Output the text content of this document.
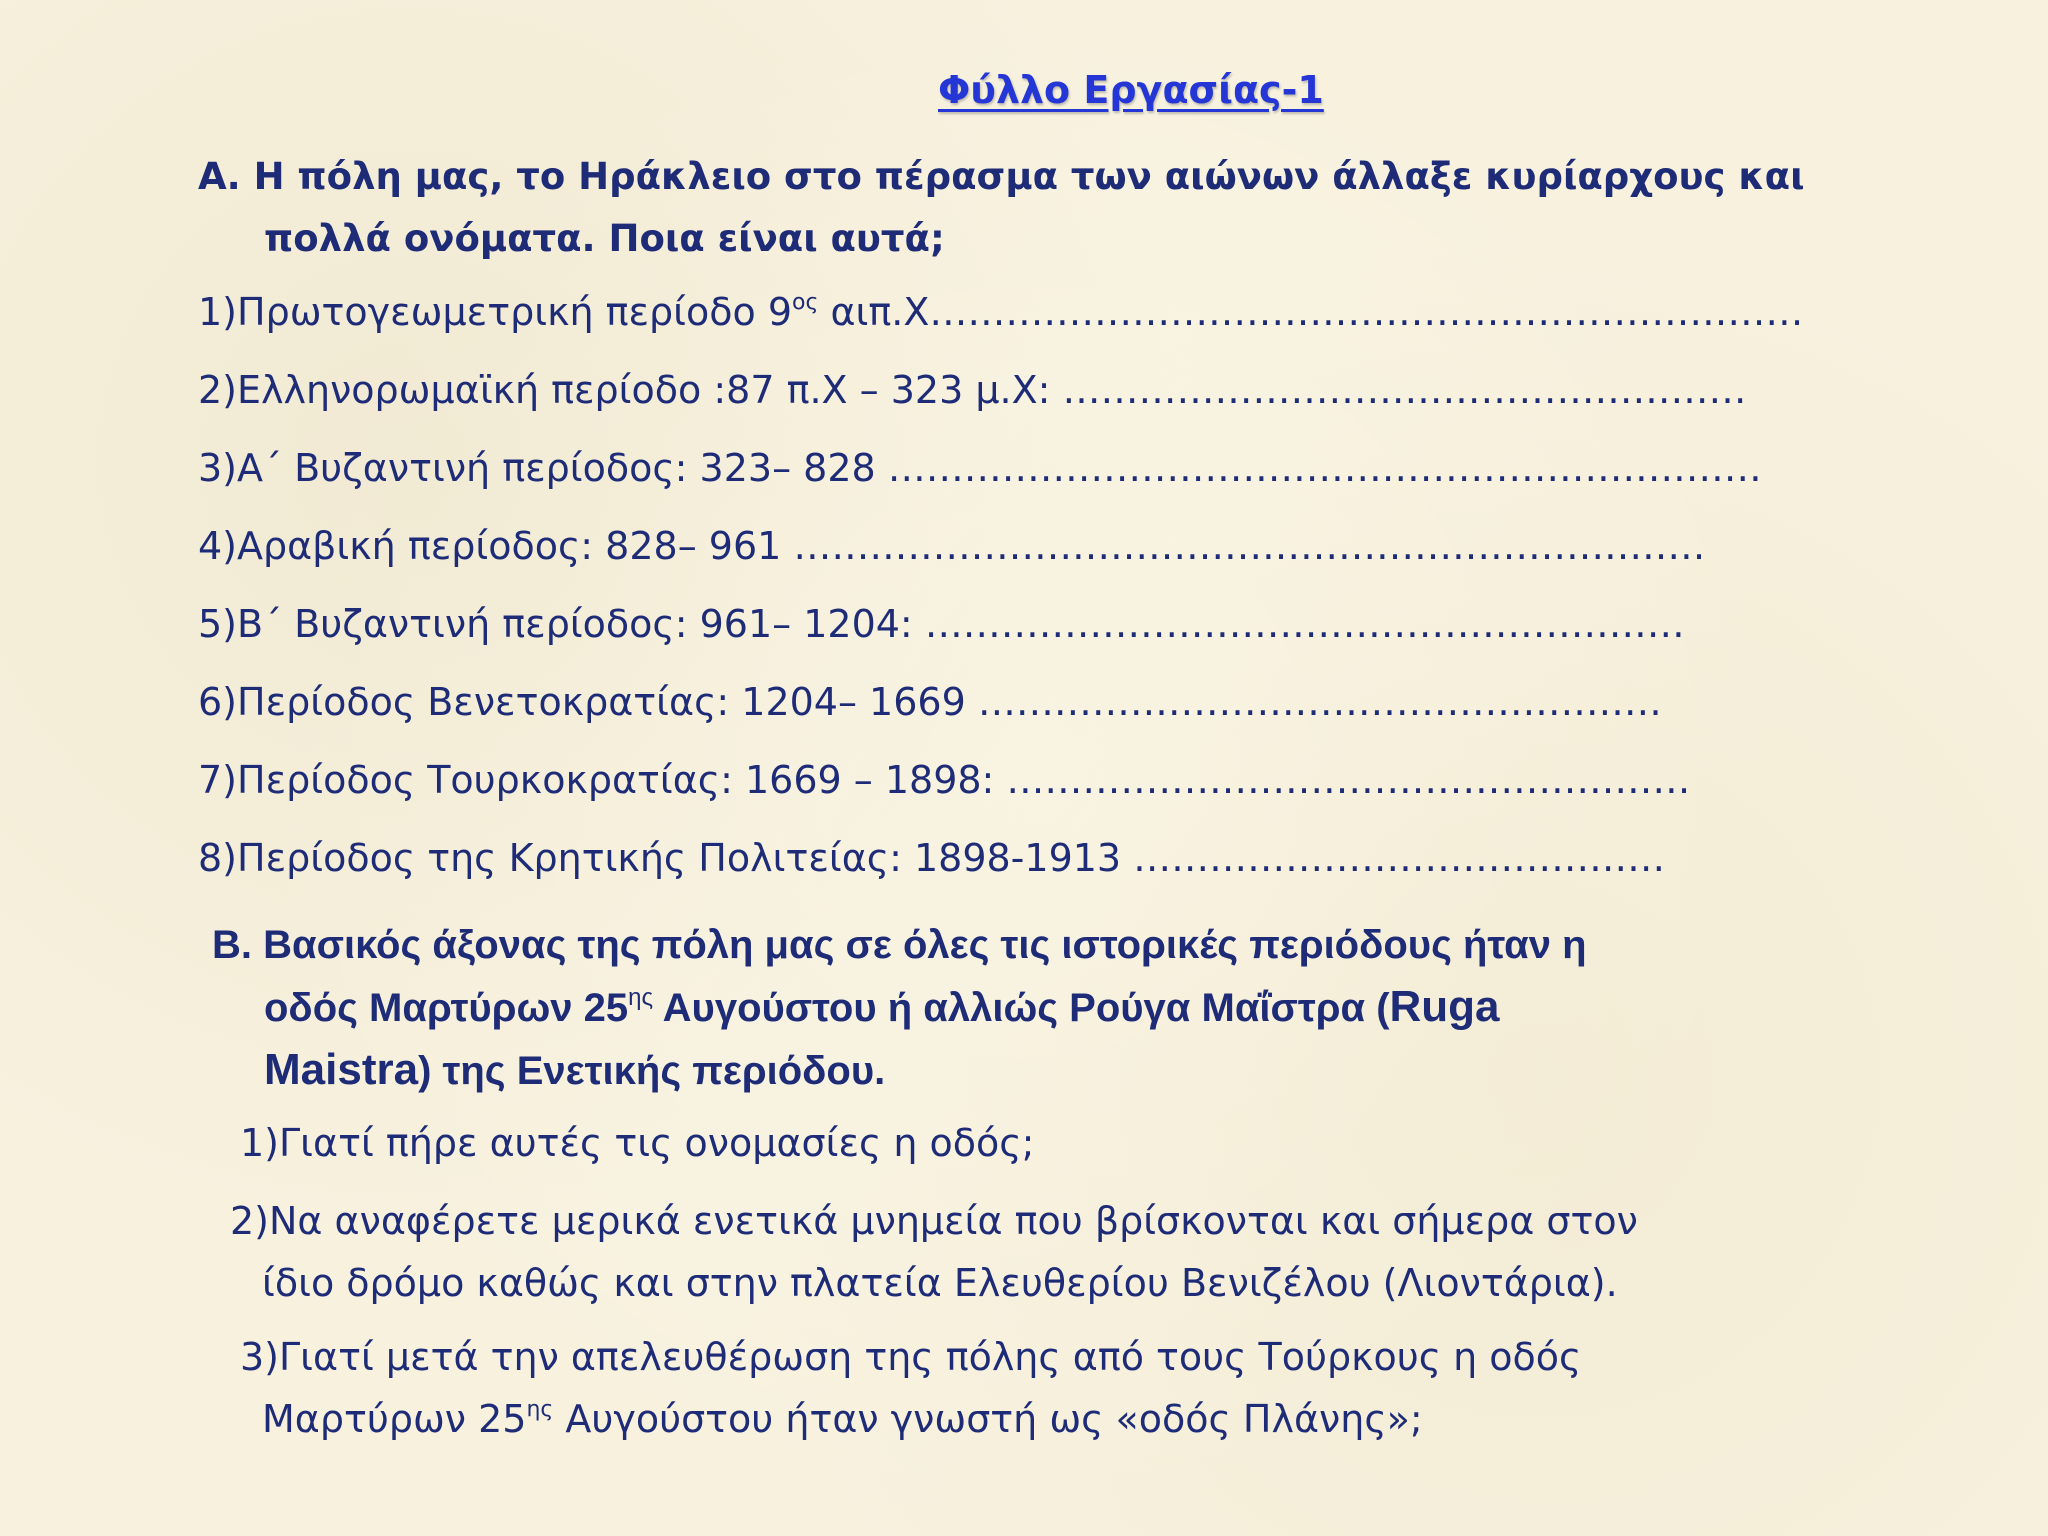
Φύλλο Εργασίας-1
Α. Η πόλη μας, το Ηράκλειο στο πέρασμα των αιώνων άλλαξε κυρίαρχους και
πολλά ονόματα. Ποια είναι αυτά;
1)Πρωτογεωμετρική περίοδο $9^{o\varsigma}$ αιπ.Χ……………………………………………………………
2)Ελληνορωμαϊκή περίοδο :87 π.Χ – 323 μ.Χ: ………………………………………………
3)Α΄ Βυζαντινή περίοδος: 323– 828 ……………………………………………………………
4)Αραβική περίοδος: 828– 961 ………………………………………………………………
5)Β΄ Βυζαντινή περίοδος: 961– 1204: ……………………………………………………
6)Περίοδος Βενετοκρατίας: 1204– 1669 ………………………………………………
7)Περίοδος Τουρκοκρατίας: 1669 – 1898: ………………………………………………
8)Περίοδος της Κρητικής Πολιτείας: 1898-1913 ……………………………………
Β. Βασικός άξονας της πόλη μας σε όλες τις ιστορικές περιόδους ήταν η
οδός Μαρτύρων $25^{\eta\varsigma}$ Αυγούστου ή αλλιώς Ρούγα Μαΐστρα (Ruga
Maistra) της Ενετικής περιόδου.
1)Γιατί πήρε αυτές τις ονομασίες η οδός;
2)Να αναφέρετε μερικά ενετικά μνημεία που βρίσκονται και σήμερα στον
ίδιο δρόμο καθώς και στην πλατεία Ελευθερίου Βενιζέλου (Λιοντάρια).
3)Γιατί μετά την απελευθέρωση της πόλης από τους Τούρκους η οδός
Μαρτύρων $25^{\eta\varsigma}$ Αυγούστου ήταν γνωστή ως «οδός Πλάνης»;
